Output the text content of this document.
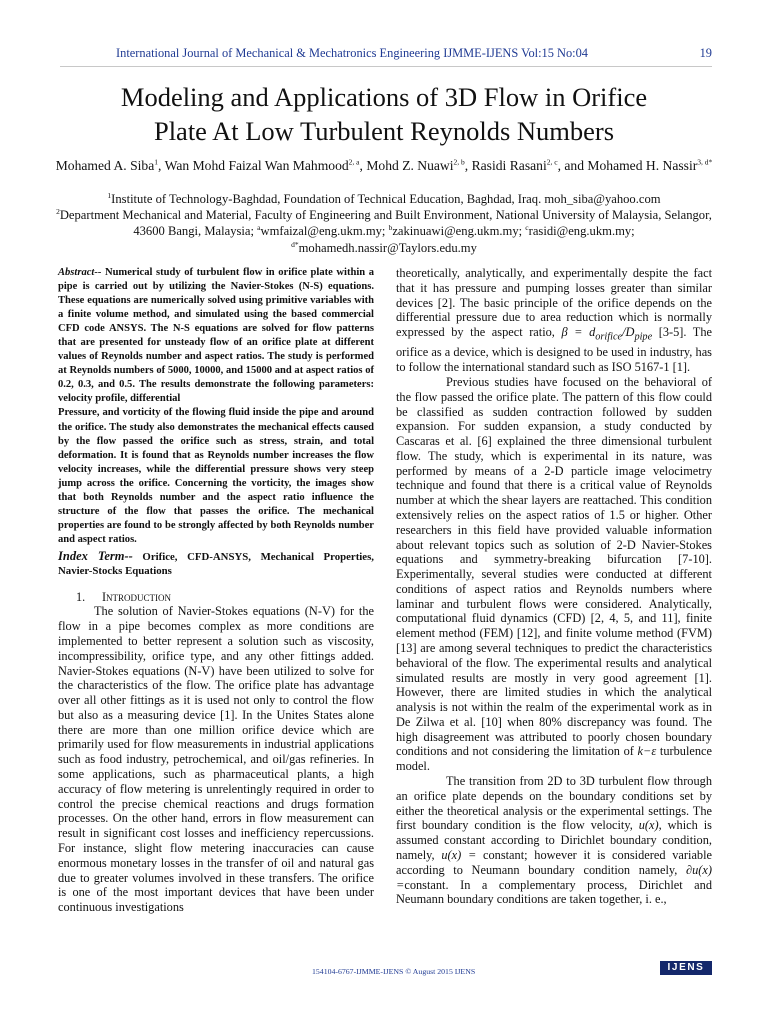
International Journal of Mechanical & Mechatronics Engineering IJMME-IJENS Vol:15 No:04	19
Modeling and Applications of 3D Flow in Orifice
Plate At Low Turbulent Reynolds Numbers
Mohamed A. Siba$^1$, Wan Mohd Faizal Wan Mahmood$^{2, a}$, Mohd Z. Nuawi$^{2, b}$, Rasidi Rasani$^{2, c}$, and Mohamed H. Nassir$^{3, d*}$
$^1$Institute of Technology-Baghdad, Foundation of Technical Education, Baghdad, Iraq. moh_siba@yahoo.com
$^2$Department Mechanical and Material, Faculty of Engineering and Built Environment, National University of Malaysia, Selangor, 43600 Bangi, Malaysia; $^a$wmfaizal@eng.ukm.my; $^b$zakinuawi@eng.ukm.my; $^c$rasidi@eng.ukm.my;
$^{d*}$mohamedh.nassir@Taylors.edu.my

Abstract-- Numerical study of turbulent flow in orifice plate within a pipe is carried out by utilizing the Navier-Stokes (N-S) equations. These equations are numerically solved using primitive variables with a finite volume method, and simulated using the based commercial CFD code ANSYS. The N-S equations are solved for flow patterns that are presented for unsteady flow of an orifice plate at different values of Reynolds number and aspect ratios. The study is performed at Reynolds numbers of 5000, 10000, and 15000 and at aspect ratios of 0.2, 0.3, and 0.5. The results demonstrate the following parameters: velocity profile, differential
Pressure, and vorticity of the flowing fluid inside the pipe and around the orifice. The study also demonstrates the mechanical effects caused by the flow passed the orifice such as stress, strain, and total deformation. It is found that as Reynolds number increases the flow velocity increases, while the differential pressure shows very steep jump across the orifice. Concerning the vorticity, the images show that both Reynolds number and the aspect ratio influence the structure of the flow that passes the orifice. The mechanical properties are found to be strongly affected by both Reynolds number and aspect ratios.

Index Term-- Orifice, CFD-ANSYS, Mechanical Properties, Navier-Stocks Equations

1. Introduction

The solution of Navier-Stokes equations (N-V) for the flow in a pipe becomes complex as more conditions are implemented to better represent a solution such as viscosity, incompressibility, orifice type, and any other fittings added. Navier-Stokes equations (N-V) have been utilized to solve for the characteristics of the flow. The orifice plate has advantage over all other fittings as it is used not only to control the flow but also as a measuring device [1]. In the Unites States alone there are more than one million orifice device which are primarily used for flow measurements in industrial applications such as food industry, petrochemical, and oil/gas refineries. In some applications, such as pharmaceutical plants, a high accuracy of flow metering is unrelentingly required in order to control the precise chemical reactions and drugs formation processes. On the other hand, errors in flow measurement can result in significant cost losses and inefficiency repercussions. For instance, slight flow metering inaccuracies can cause enormous monetary losses in the transfer of oil and natural gas due to greater volumes involved in these transfers. The orifice is one of the most important devices that have been under continuous investigations

theoretically, analytically, and experimentally despite the fact that it has pressure and pumping losses greater than similar devices [2]. The basic principle of the orifice depends on the differential pressure due to area reduction which is normally expressed by the aspect ratio, $\beta = d_{orifice}/D_{pipe}$ [3-5]. The orifice as a device, which is designed to be used in industry, has to follow the international standard such as ISO 5167-1 [1].

Previous studies have focused on the behavioral of the flow passed the orifice plate. The pattern of this flow could be classified as sudden contraction followed by sudden expansion. For sudden expansion, a study conducted by Cascaras et al. [6] explained the three dimensional turbulent flow. The study, which is experimental in its nature, was performed by means of a 2-D particle image velocimetry technique and found that there is a critical value of Reynolds number at which the shear layers are reattached. This condition extensively relies on the aspect ratios of 1.5 or higher. Other researchers in this field have provided valuable information about relevant topics such as solution of 2-D Navier-Stokes equations and symmetry-breaking bifurcation [7-10]. Experimentally, several studies were conducted at different conditions of aspect ratios and Reynolds numbers where laminar and turbulent flows were considered. Analytically, computational fluid dynamics (CFD) [2, 4, 5, and 11], finite element method (FEM) [12], and finite volume method (FVM) [13] are among several techniques to predict the characteristics behavioral of the flow. The experimental results and analytical simulated results are mostly in very good agreement [1]. However, there are limited studies in which the analytical analysis is not within the realm of the experimental work as in De Zilwa et al. [10] when 80% discrepancy was found. The high disagreement was attributed to poorly chosen boundary conditions and not considering the limitation of k−ε turbulence model.

The transition from 2D to 3D turbulent flow through an orifice plate depends on the boundary conditions set by either the theoretical analysis or the experimental settings. The first boundary condition is the flow velocity, u(x), which is assumed constant according to Dirichlet boundary condition, namely, u(x) = constant; however it is considered variable according to Neumann boundary condition namely, ∂u(x) =constant. In a complementary process, Dirichlet and Neumann boundary conditions are taken together, i. e.,

154104-6767-IJMME-IJENS © August 2015 IJENS	IJENS
